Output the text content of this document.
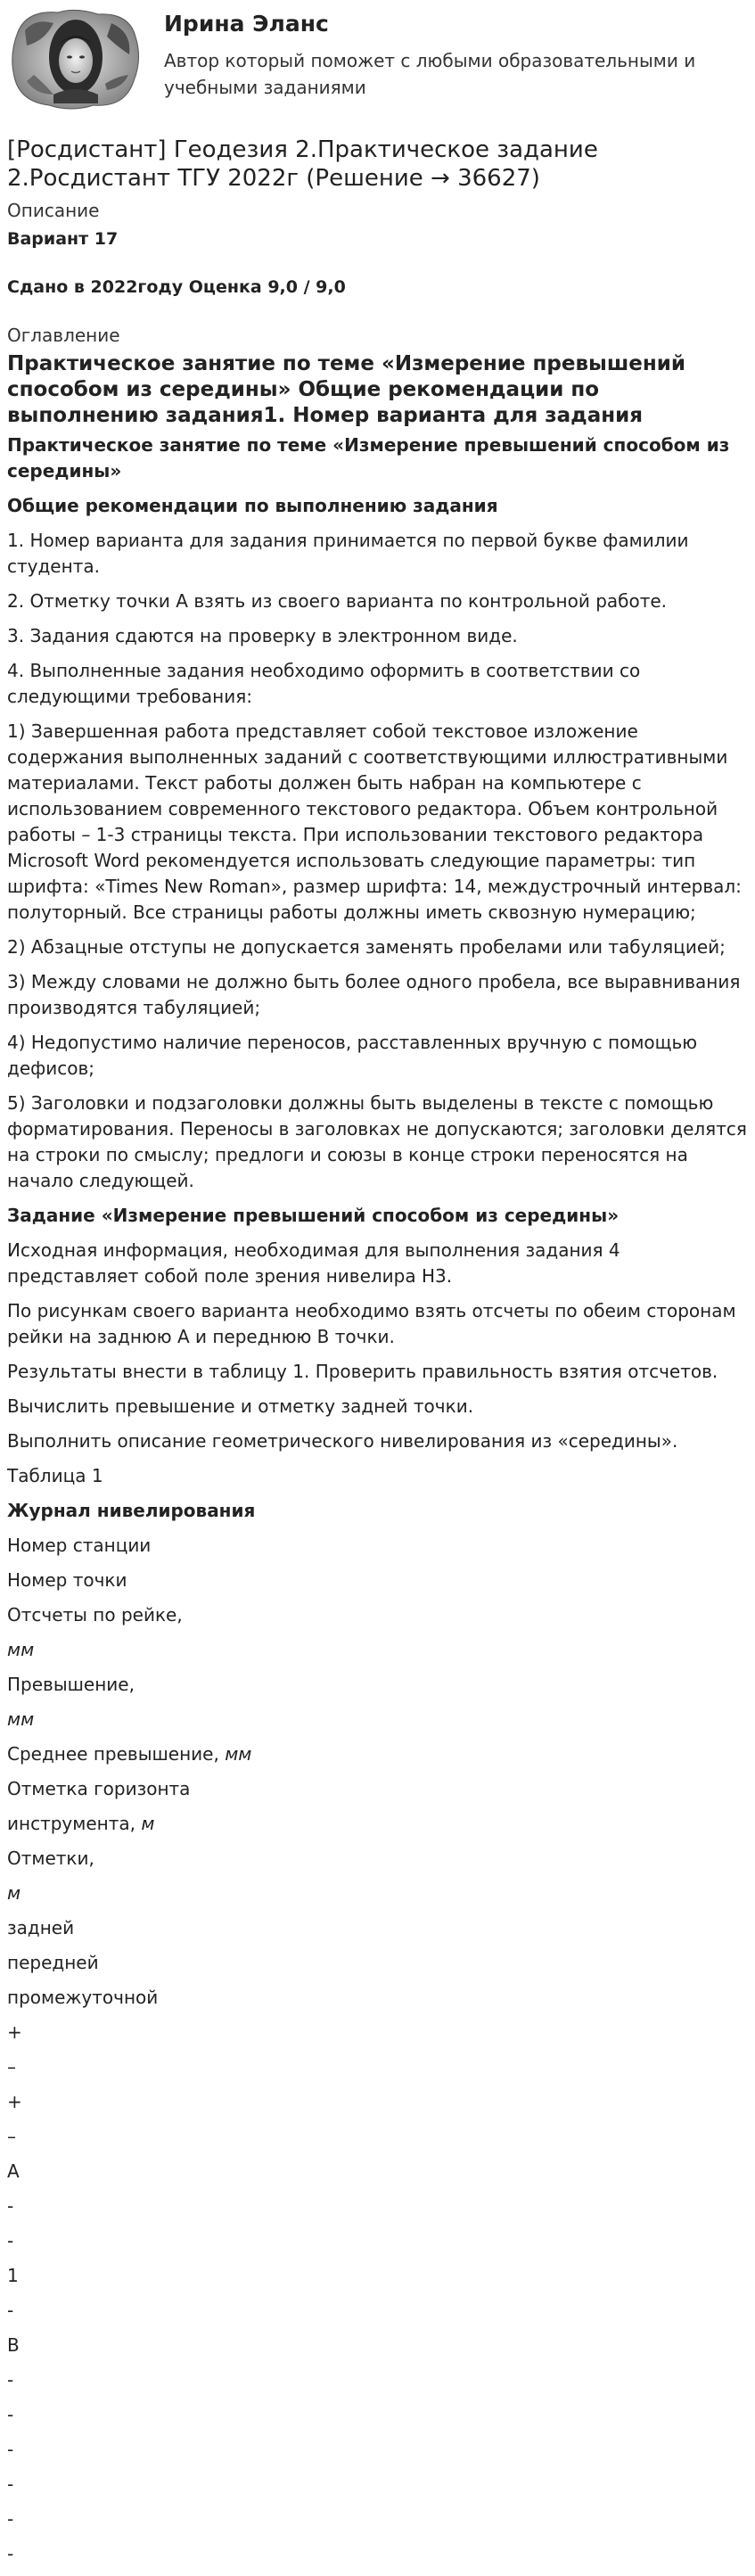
Ирина Эланс
Автор который поможет с любыми образовательными и учебными заданиями
[Росдистант] Геодезия 2.Практическое задание 2.Росдистант ТГУ 2022г (Решение → 36627)
Описание
Вариант 17
Сдано в 2022году Оценка 9,0 / 9,0
Оглавление
Практическое занятие по теме «Измерение превышений способом из середины» Общие рекомендации по выполнению задания1. Номер варианта для задания

Практическое занятие по теме «Измерение превышений способом из середины»

Общие рекомендации по выполнению задания

1. Номер варианта для задания принимается по первой букве фамилии студента.

2. Отметку точки А взять из своего варианта по контрольной работе.

3. Задания сдаются на проверку в электронном виде.

4. Выполненные задания необходимо оформить в соответствии со следующими требования:

1) Завершенная работа представляет собой текстовое изложение содержания выполненных заданий с соответствующими иллюстративными материалами. Текст работы должен быть набран на компьютере с использованием современного текстового редактора. Объем контрольной работы – 1-3 страницы текста. При использовании текстового редактора Microsoft Word рекомендуется использовать следующие параметры: тип шрифта: «Times New Roman», размер шрифта: 14, междустрочный интервал: полуторный. Все страницы работы должны иметь сквозную нумерацию;

2) Абзацные отступы не допускается заменять пробелами или табуляцией;

3) Между словами не должно быть более одного пробела, все выравнивания производятся табуляцией;

4) Недопустимо наличие переносов, расставленных вручную с помощью дефисов;

5) Заголовки и подзаголовки должны быть выделены в тексте с помощью форматирования. Переносы в заголовках не допускаются; заголовки делятся на строки по смыслу; предлоги и союзы в конце строки переносятся на начало следующей.

Задание «Измерение превышений способом из середины»

Исходная информация, необходимая для выполнения задания 4 представляет собой поле зрения нивелира Н3.

По рисункам своего варианта необходимо взять отсчеты по обеим сторонам рейки на заднюю А и переднюю В точки.

Результаты внести в таблицу 1. Проверить правильность взятия отсчетов.

Вычислить превышение и отметку задней точки.

Выполнить описание геометрического нивелирования из «середины».

Таблица 1

Журнал нивелирования

Номер станции

Номер точки

Отсчеты по рейке,

мм

Превышение,

мм

Среднее превышение, мм

Отметка горизонта

инструмента, м

Отметки,

м

задней

передней

промежуточной

+

–

+

–

А

-

-

1

-

В

-

-

-

-

-

-
